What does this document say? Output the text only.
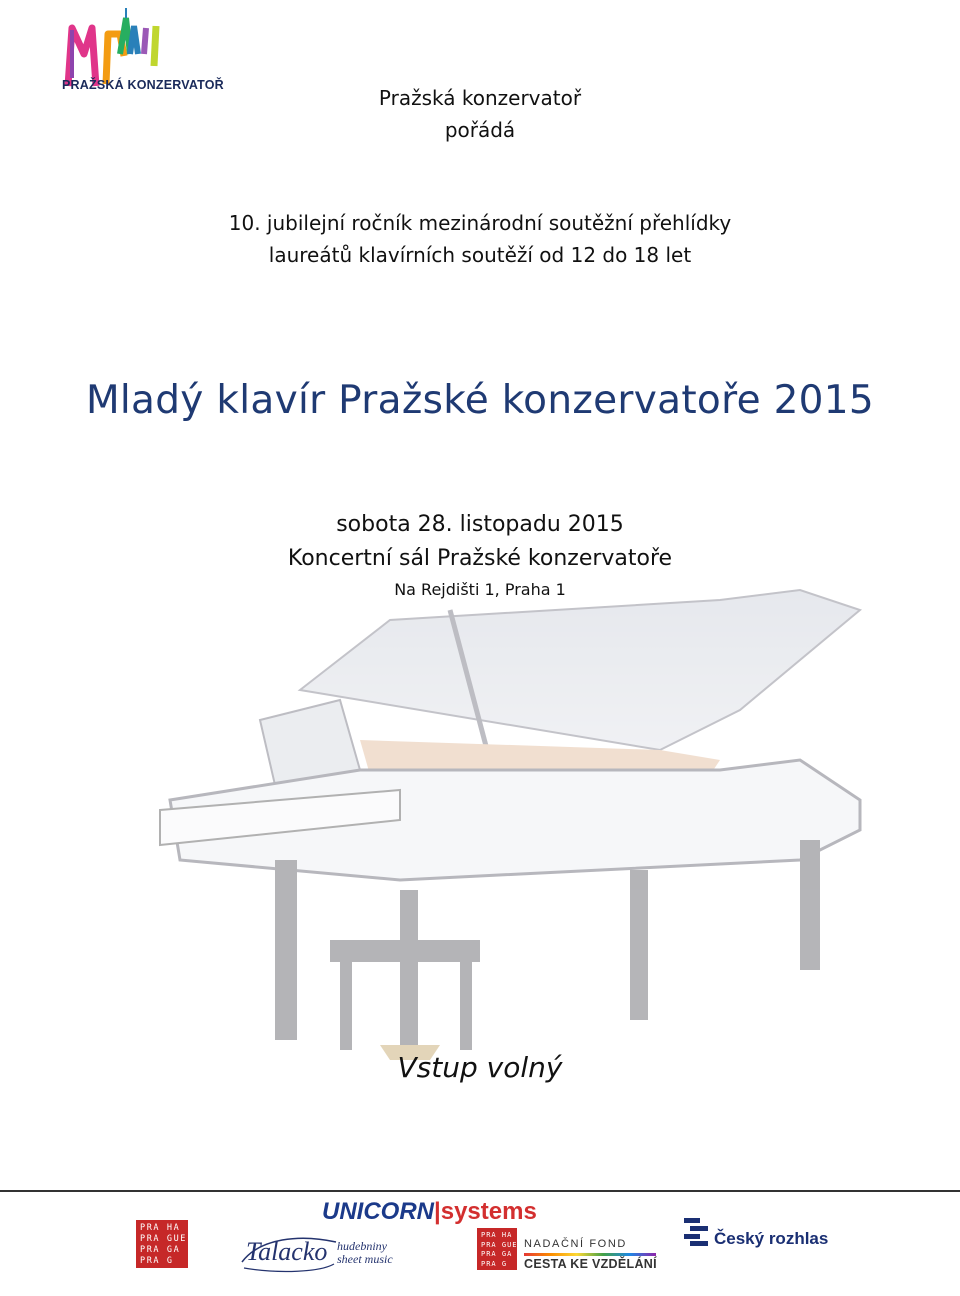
PRAŽSKÁ KONZERVATOŘ
Pražská konzervatoř
pořádá
10. jubilejní ročník mezinárodní soutěžní přehlídky
laureátů klavírních soutěží od 12 do 18 let
Mladý klavír Pražské konzervatoře 2015
sobota 28. listopadu 2015
Koncertní sál Pražské konzervatoře
Na Rejdišti 1, Praha 1
Vstup volný
UNICORN|systems
PRA HA
PRA GUE
PRA GA
PRA G	Talacko hudebniny
sheet music
PRA HA
PRA GUE
PRA GA
PRA G
NADAČNÍ FOND
CESTA KE VZDĚLÁNÍ
Český rozhlas
